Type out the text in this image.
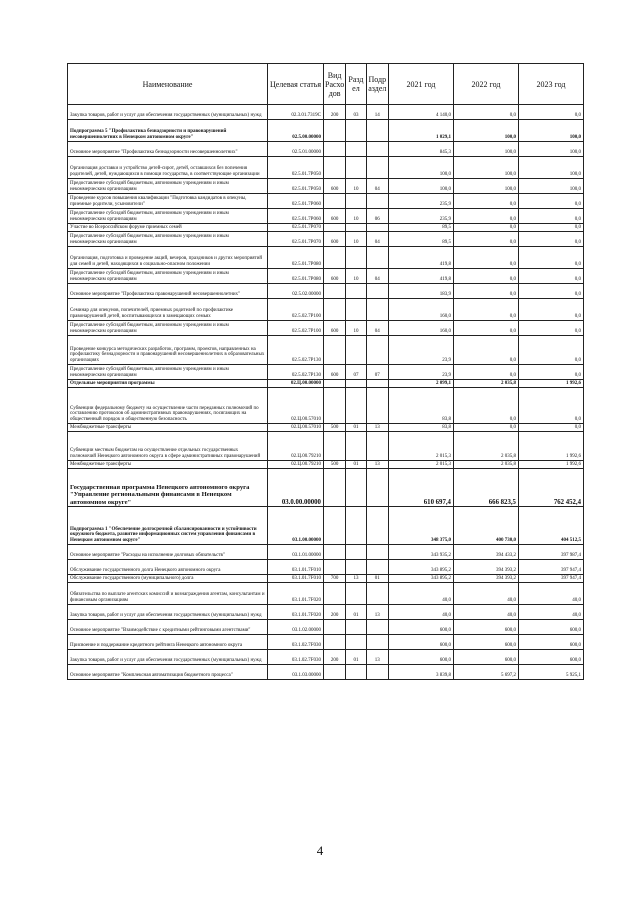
Наименование	Целевая статья	Вид Расхо дов	Разд ел	Подр аздел	2021 год	2022 год	2023 год
Закупка товаров, работ и услуг для обеспечения государственных (муниципальных) нужд	02.3.01.7319C	200	03	14	4 140,0	0,0	0,0
Подпрограмма 5 "Профилактика безнадзорности и правонарушений несовершеннолетних в Ненецком автономном округе"	02.5.00.00000				1 029,1	100,0	100,0
Основное мероприятие "Профилактика безнадзорности несовершеннолетних"	02.5.01.00000				845,3	100,0	100,0
Организация доставки и устройство детей-сирот, детей, оставшихся без попечения родителей, детей, нуждающихся в помощи государства, в соответствующие организации	02.5.01.7P050				100,0	100,0	100,0
Предоставление субсидий бюджетным, автономным учреждениям и иным некоммерческим организациям	02.5.01.7P050	600	10	04	100,0	100,0	100,0
Проведение курсов повышения квалификации "Подготовка кандидатов в опекуны, приемные родители, усыновители"	02.5.01.7P060				235,9	0,0	0,0
Предоставление субсидий бюджетным, автономным учреждениям и иным некоммерческим организациям	02.5.01.7P060	600	10	06	235,9	0,0	0,0
Участие во Всероссийском форуме приемных семей	02.5.01.7P070				89,5	0,0	0,0
Предоставление субсидий бюджетным, автономным учреждениям и иным некоммерческим организациям	02.5.01.7P070	600	10	04	89,5	0,0	0,0
Организация, подготовка и проведение акций, вечеров, праздников и других мероприятий для семей и детей, находящихся в социально-опасном положении	02.5.01.7P080				419,8	0,0	0,0
Предоставление субсидий бюджетным, автономным учреждениям и иным некоммерческим организациям	02.5.01.7P080	600	10	04	419,8	0,0	0,0
Основное мероприятие "Профилактика правонарушений несовершеннолетних"	02.5.02.00000				183,9	0,0	0,0
Семинар для опекунов, попечителей, приемных родителей по профилактике правонарушений детей, воспитывающихся в замещающих семьях	02.5.02.7P100				160,0	0,0	0,0
Предоставление субсидий бюджетным, автономным учреждениям и иным некоммерческим организациям	02.5.02.7P100	600	10	04	160,0	0,0	0,0
Проведение конкурса методических разработок, программ, проектов, направленных на профилактику безнадзорности и правонарушений несовершеннолетних в образовательных организациях	02.5.02.7P130				23,9	0,0	0,0
Предоставление субсидий бюджетным, автономным учреждениям и иным некоммерческим организациям	02.5.02.7P130	600	07	07	23,9	0,0	0,0
Отдельные мероприятия программы	02.Ц.00.00000				2 099,1	2 035,8	1 992,6
Субвенции федеральному бюджету на осуществление части переданных полномочий по составлению протоколов об административных правонарушениях, посягающих на общественный порядок и общественную безопасность	02.Ц.00.57010				83,8	0,0	0,0
Межбюджетные трансферты	02.Ц.00.57010	500	01	13	83,8	0,0	0,0
Субвенции местным бюджетам на осуществление отдельных государственных полномочий Ненецкого автономного округа в сфере административных правонарушений	02.Ц.00.79210				2 015,3	2 035,8	1 992,6
Межбюджетные трансферты	02.Ц.00.79210	500	01	13	2 015,3	2 035,8	1 992,6
Государственная программа Ненецкого автономного округа "Управление региональными финансами в Ненецком автономном округе"	03.0.00.00000				610 697,4	666 823,5	762 452,4
Подпрограмма 1 "Обеспечение долгосрочной сбалансированности и устойчивости окружного бюджета, развитие информационных систем управления финансами в Ненецком автономном округе"	03.1.00.00000				348 375,0	400 730,0	404 512,5
Основное мероприятие "Расходы на исполнение долговых обязательств"	03.1.01.00000				343 935,2	394 433,2	397 987,4
Обслуживание государственного долга Ненецкого автономного округа	03.1.01.7F010				343 895,2	394 393,2	397 947,4
Обслуживание государственного (муниципального) долга	03.1.01.7F010	700	13	01	343 895,2	394 393,2	397 947,4
Обязательства по выплате агентских комиссий и вознаграждения агентам, консультантам и финансовым организациям	03.1.01.7F020				40,0	40,0	40,0
Закупка товаров, работ и услуг для обеспечения государственных (муниципальных) нужд	03.1.01.7F020	200	01	13	40,0	40,0	40,0
Основное мероприятие "Взаимодействие с кредитными рейтинговыми агентствами"	03.1.02.00000				600,0	600,0	600,0
Присвоение и поддержание кредитного рейтинга Ненецкого автономного округа	03.1.02.7F030				600,0	600,0	600,0
Закупка товаров, работ и услуг для обеспечения государственных (муниципальных) нужд	03.1.02.7F030	200	01	13	600,0	600,0	600,0
Основное мероприятие "Комплексная автоматизация бюджетного процесса"	03.1.03.00000				3 839,8	5 697,2	5 925,1
4
